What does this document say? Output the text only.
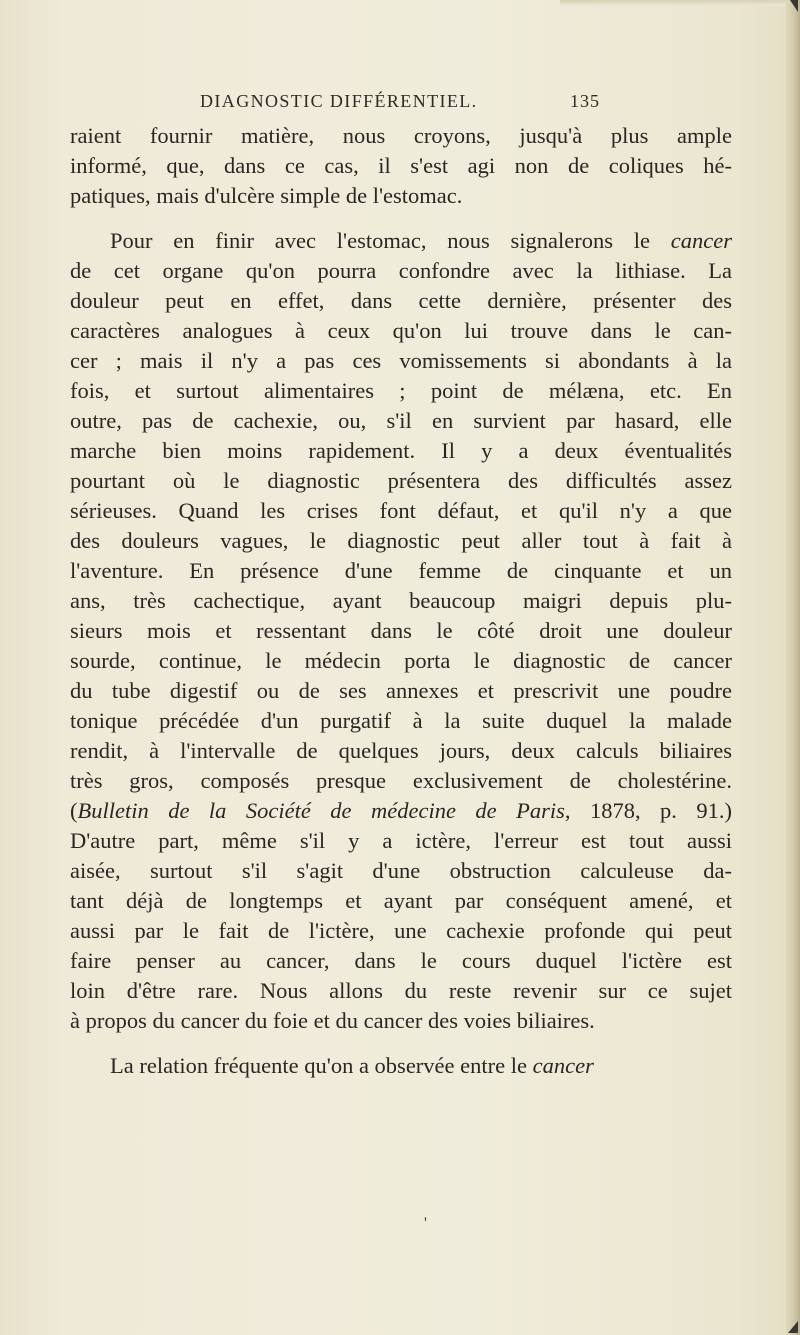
DIAGNOSTIC DIFFÉRENTIEL.	135
raient fournir matière, nous croyons, jusqu'à plus ample
informé, que, dans ce cas, il s'est agi non de coliques hé-
patiques, mais d'ulcère simple de l'estomac.
Pour en finir avec l'estomac, nous signalerons le cancer
de cet organe qu'on pourra confondre avec la lithiase. La
douleur peut en effet, dans cette dernière, présenter des
caractères analogues à ceux qu'on lui trouve dans le can-
cer ; mais il n'y a pas ces vomissements si abondants à la
fois, et surtout alimentaires ; point de mélæna, etc. En
outre, pas de cachexie, ou, s'il en survient par hasard, elle
marche bien moins rapidement. Il y a deux éventualités
pourtant où le diagnostic présentera des difficultés assez
sérieuses. Quand les crises font défaut, et qu'il n'y a que
des douleurs vagues, le diagnostic peut aller tout à fait à
l'aventure. En présence d'une femme de cinquante et un
ans, très cachectique, ayant beaucoup maigri depuis plu-
sieurs mois et ressentant dans le côté droit une douleur
sourde, continue, le médecin porta le diagnostic de cancer
du tube digestif ou de ses annexes et prescrivit une poudre
tonique précédée d'un purgatif à la suite duquel la malade
rendit, à l'intervalle de quelques jours, deux calculs biliaires
très gros, composés presque exclusivement de cholestérine.
(Bulletin de la Société de médecine de Paris, 1878, p. 91.)
D'autre part, même s'il y a ictère, l'erreur est tout aussi
aisée, surtout s'il s'agit d'une obstruction calculeuse da-
tant déjà de longtemps et ayant par conséquent amené, et
aussi par le fait de l'ictère, une cachexie profonde qui peut
faire penser au cancer, dans le cours duquel l'ictère est
loin d'être rare. Nous allons du reste revenir sur ce sujet
à propos du cancer du foie et du cancer des voies biliaires.
La relation fréquente qu'on a observée entre le cancer
'
